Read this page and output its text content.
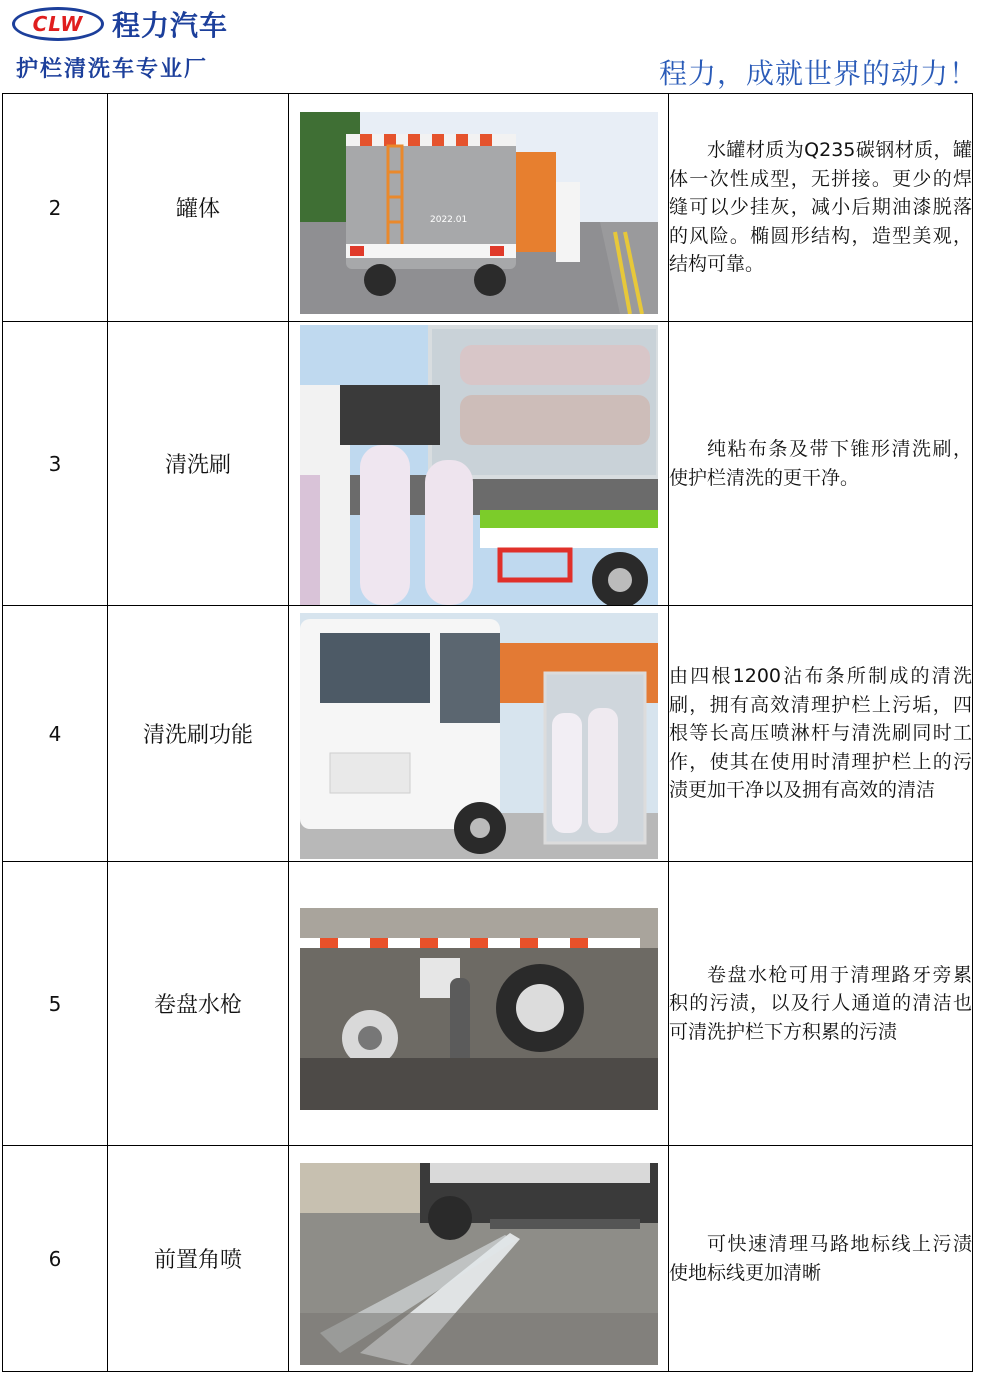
CLW 程力汽车
护栏清洗车专业厂	程力，成就世界的动力！
2	罐体	2022.01	水罐材质为Q235碳钢材质，罐体一次性成型，无拼接。更少的焊缝可以少挂灰，减小后期油漆脱落的风险。椭圆形结构，造型美观，结构可靠。

3	清洗刷		纯粘布条及带下锥形清洗刷，使护栏清洗的更干净。

4	清洗刷功能		由四根1200沾布条所制成的清洗刷，拥有高效清理护栏上污垢，四根等长高压喷淋杆与清洗刷同时工作，使其在使用时清理护栏上的污渍更加干净以及拥有高效的清洁

5	卷盘水枪		卷盘水枪可用于清理路牙旁累积的污渍，以及行人通道的清洁也可清洗护栏下方积累的污渍

6	前置角喷		可快速清理马路地标线上污渍使地标线更加清晰
